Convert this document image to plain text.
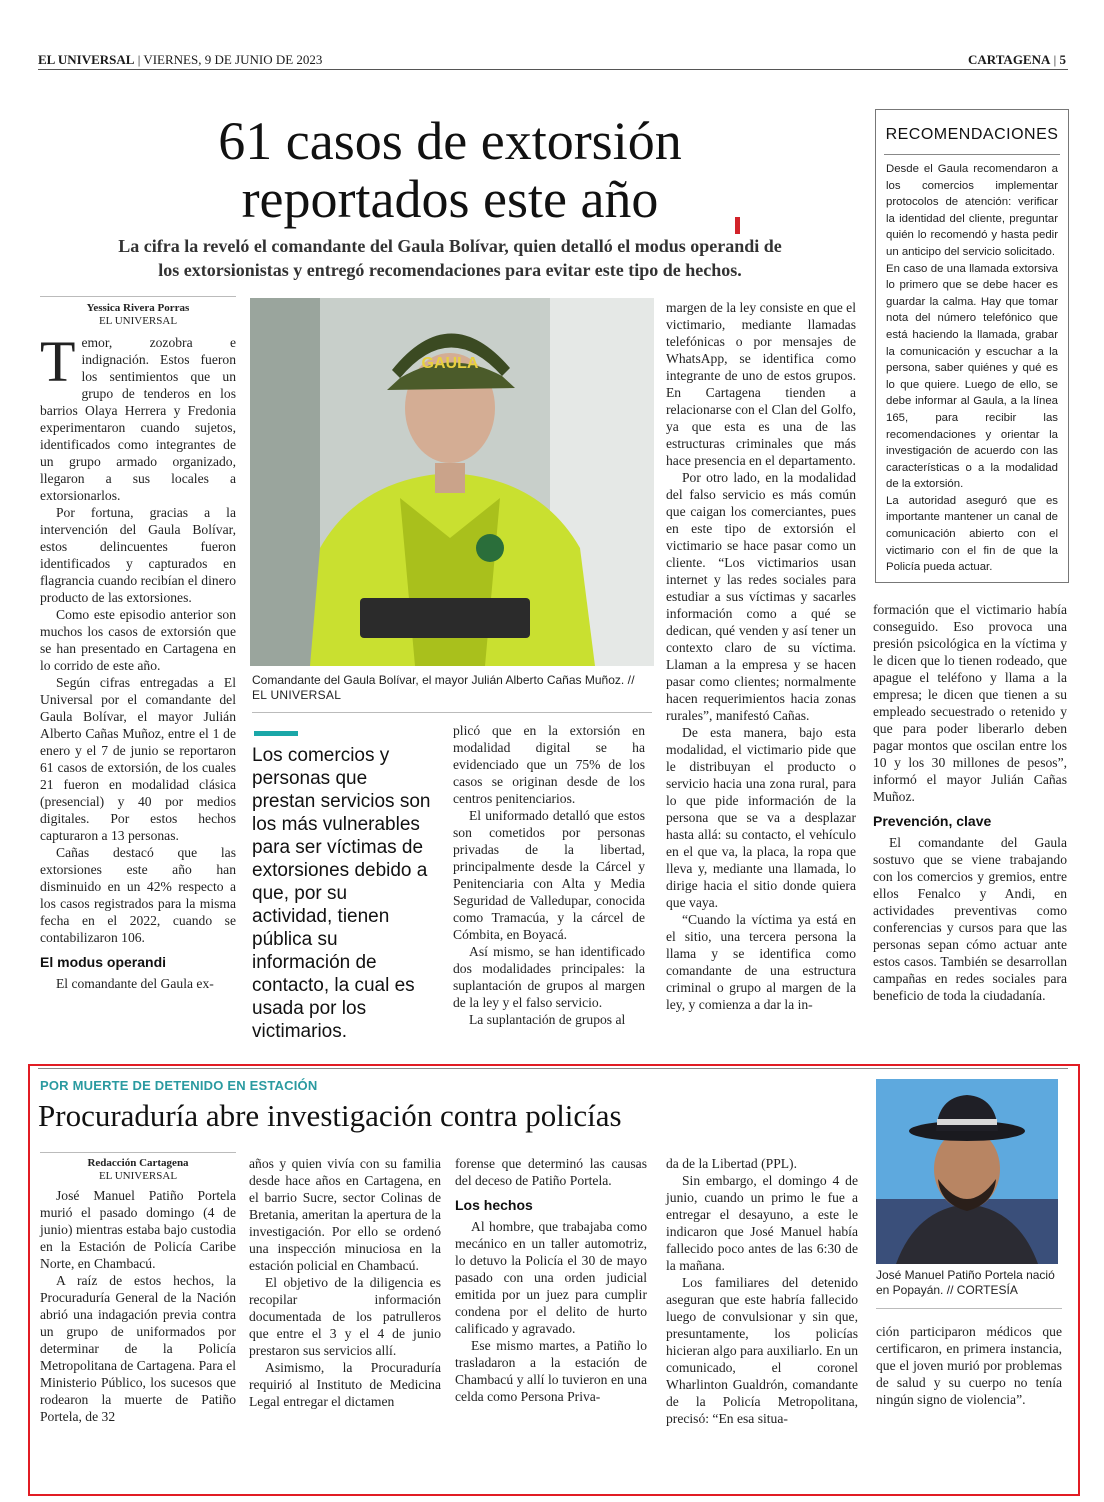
EL UNIVERSAL | VIERNES, 9 DE JUNIO DE 2023	CARTAGENA | 5
61 casos de extorsión
reportados este año
La cifra la reveló el comandante del Gaula Bolívar, quien detalló el modus operandi de
los extorsionistas y entregó recomendaciones para evitar este tipo de hechos.
RECOMENDACIONES

Desde el Gaula recomendaron a los comercios implementar protocolos de atención: verificar la identidad del cliente, preguntar quién lo recomendó y hasta pedir un anticipo del servicio solicitado.

En caso de una llamada extorsiva lo primero que se debe hacer es guardar la calma. Hay que tomar nota del número telefónico que está haciendo la llamada, grabar la comunicación y escuchar a la persona, saber quiénes y qué es lo que quiere. Luego de ello, se debe informar al Gaula, a la línea 165, para recibir las recomendaciones y orientar la investigación de acuerdo con las características o a la modalidad de la extorsión.

La autoridad aseguró que es importante mantener un canal de comunicación abierto con el victimario con el fin de que la Policía pueda actuar.

Yessica Rivera Porras
EL UNIVERSAL

Temor, zozobra e indignación. Estos fueron los sentimientos que un grupo de tenderos en los barrios Olaya Herrera y Fredonia experimentaron cuando sujetos, identificados como integrantes de un grupo armado organizado, llegaron a sus locales a extorsionarlos.

Por fortuna, gracias a la intervención del Gaula Bolívar, estos delincuentes fueron identificados y capturados en flagrancia cuando recibían el dinero producto de las extorsiones.

Como este episodio anterior son muchos los casos de extorsión que se han presentado en Cartagena en lo corrido de este año.

Según cifras entregadas a El Universal por el comandante del Gaula Bolívar, el mayor Julián Alberto Cañas Muñoz, entre el 1 de enero y el 7 de junio se reportaron 61 casos de extorsión, de los cuales 21 fueron en modalidad clásica (presencial) y 40 por medios digitales. Por estos hechos capturaron a 13 personas.

Cañas destacó que las extorsiones este año han disminuido en un 42% respecto a los casos registrados para la misma fecha en el 2022, cuando se contabilizaron 106.

El modus operandi

El comandante del Gaula ex-

GAULA
Comandante del Gaula Bolívar, el mayor Julián Alberto Cañas Muñoz. // EL UNIVERSAL
Los comercios y personas que prestan servicios son los más vulnerables para ser víctimas de extorsiones debido a que, por su actividad, tienen pública su información de contacto, la cual es usada por los victimarios.

plicó que en la extorsión en modalidad digital se ha evidenciado que un 75% de los casos se originan desde de los centros penitenciarios.

El uniformado detalló que estos son cometidos por personas privadas de la libertad, principalmente desde la Cárcel y Penitenciaria con Alta y Media Seguridad de Valledupar, conocida como Tramacúa, y la cárcel de Cómbita, en Boyacá.

Así mismo, se han identificado dos modalidades principales: la suplantación de grupos al margen de la ley y el falso servicio.

La suplantación de grupos al

margen de la ley consiste en que el victimario, mediante llamadas telefónicas o por mensajes de WhatsApp, se identifica como integrante de uno de estos grupos. En Cartagena tienden a relacionarse con el Clan del Golfo, ya que esta es una de las estructuras criminales que más hace presencia en el departamento.

Por otro lado, en la modalidad del falso servicio es más común que caigan los comerciantes, pues en este tipo de extorsión el victimario se hace pasar como un cliente. “Los victimarios usan internet y las redes sociales para estudiar a sus víctimas y sacarles información como a qué se dedican, qué venden y así tener un contexto claro de su víctima. Llaman a la empresa y se hacen pasar como clientes; normalmente hacen requerimientos hacia zonas rurales”, manifestó Cañas.

De esta manera, bajo esta modalidad, el victimario pide que le distribuyan el producto o servicio hacia una zona rural, para lo que pide información de la persona que se va a desplazar hasta allá: su contacto, el vehículo en el que va, la placa, la ropa que lleva y, mediante una llamada, lo dirige hacia el sitio donde quiera que vaya.

“Cuando la víctima ya está en el sitio, una tercera persona la llama y se identifica como comandante de una estructura criminal o grupo al margen de la ley, y comienza a dar la in-

formación que el victimario había conseguido. Eso provoca una presión psicológica en la víctima y le dicen que lo tienen rodeado, que apague el teléfono y llama a la empresa; le dicen que tienen a su empleado secuestrado o retenido y que para poder liberarlo deben pagar montos que oscilan entre los 10 y los 30 millones de pesos”, informó el mayor Julián Cañas Muñoz.

Prevención, clave

El comandante del Gaula sostuvo que se viene trabajando con los comercios y gremios, entre ellos Fenalco y Andi, en actividades preventivas como conferencias y cursos para que las personas sepan cómo actuar ante estos casos. También se desarrollan campañas en redes sociales para beneficio de toda la ciudadanía.

POR MUERTE DE DETENIDO EN ESTACIÓN
Procuraduría abre investigación contra policías
Redacción Cartagena
EL UNIVERSAL

José Manuel Patiño Portela murió el pasado domingo (4 de junio) mientras estaba bajo custodia en la Estación de Policía Caribe Norte, en Chambacú.

A raíz de estos hechos, la Procuraduría General de la Nación abrió una indagación previa contra un grupo de uniformados por determinar de la Policía Metropolitana de Cartagena. Para el Ministerio Público, los sucesos que rodearon la muerte de Patiño Portela, de 32

años y quien vivía con su familia desde hace años en Cartagena, en el barrio Sucre, sector Colinas de Bretania, ameritan la apertura de la investigación. Por ello se ordenó una inspección minuciosa en la estación policial en Chambacú.

El objetivo de la diligencia es recopilar información documentada de los patrulleros que entre el 3 y el 4 de junio prestaron sus servicios allí.

Asimismo, la Procuraduría requirió al Instituto de Medicina Legal entregar el dictamen

forense que determinó las causas del deceso de Patiño Portela.

Los hechos

Al hombre, que trabajaba como mecánico en un taller automotriz, lo detuvo la Policía el 30 de mayo pasado con una orden judicial emitida por un juez para cumplir condena por el delito de hurto calificado y agravado.

Ese mismo martes, a Patiño lo trasladaron a la estación de Chambacú y allí lo tuvieron en una celda como Persona Priva-

da de la Libertad (PPL).

Sin embargo, el domingo 4 de junio, cuando un primo le fue a entregar el desayuno, a este le indicaron que José Manuel había fallecido poco antes de las 6:30 de la mañana.

Los familiares del detenido aseguran que este habría fallecido luego de convulsionar y sin que, presuntamente, los policías hicieran algo para auxiliarlo. En un comunicado, el coronel Wharlinton Gualdrón, comandante de la Policía Metropolitana, precisó: “En esa situa-

José Manuel Patiño Portela nació en Popayán. // CORTESÍA

ción participaron médicos que certificaron, en primera instancia, que el joven murió por problemas de salud y su cuerpo no tenía ningún signo de violencia”.
